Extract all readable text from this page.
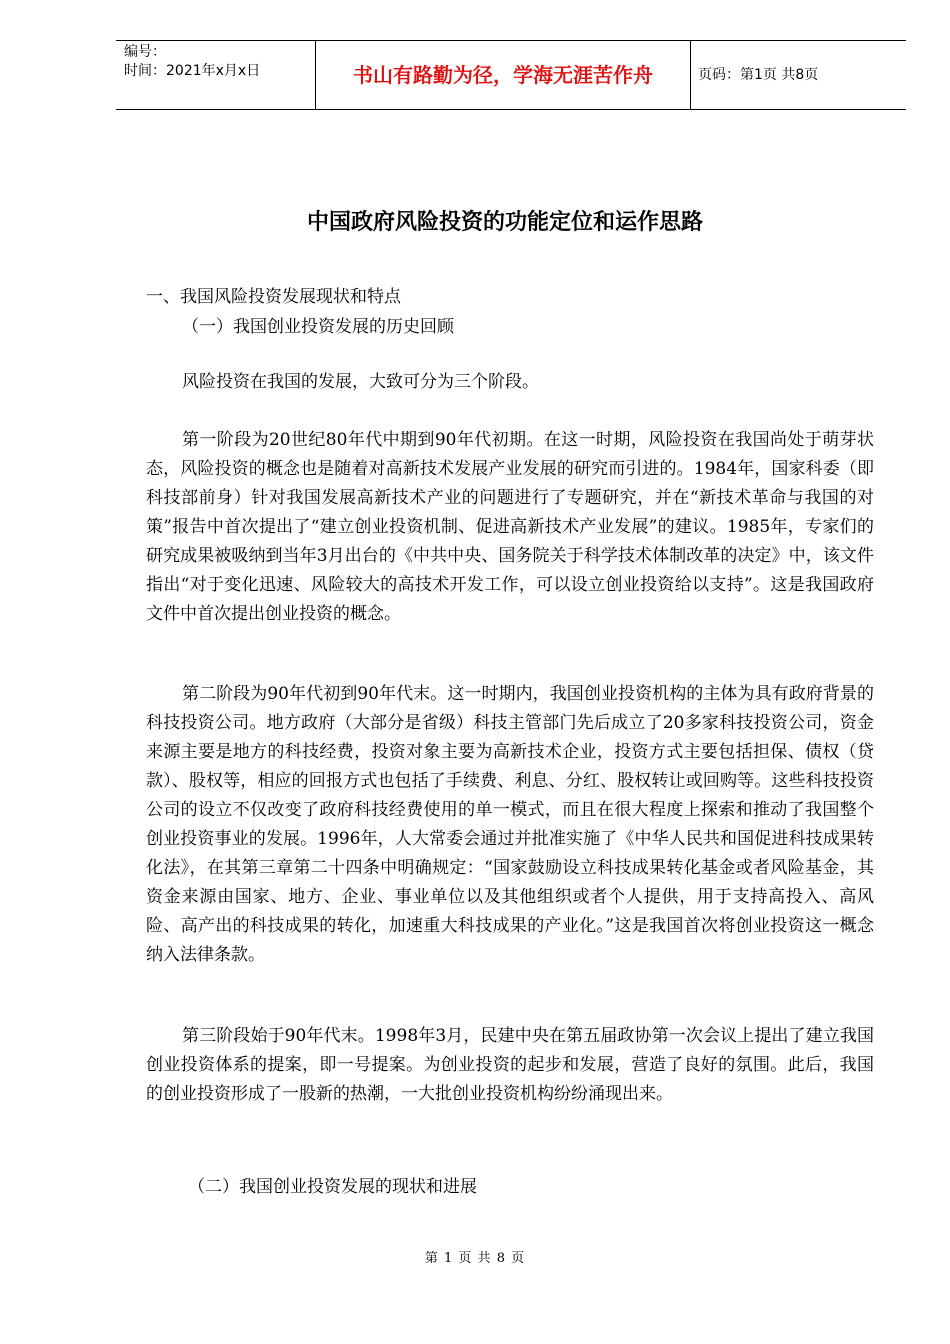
编号：
时间：2021年x月x日	书山有路勤为径，学海无涯苦作舟	页码：第1页 共8页
中国政府风险投资的功能定位和运作思路
一、我国风险投资发展现状和特点
（一）我国创业投资发展的历史回顾

风险投资在我国的发展，大致可分为三个阶段。

第一阶段为20世纪80年代中期到90年代初期。在这一时期，风险投资在我国尚处于萌芽状态，风险投资的概念也是随着对高新技术发展产业发展的研究而引进的。1984年，国家科委（即科技部前身）针对我国发展高新技术产业的问题进行了专题研究，并在“新技术革命与我国的对策”报告中首次提出了“建立创业投资机制、促进高新技术产业发展”的建议。1985年，专家们的研究成果被吸纳到当年3月出台的《中共中央、国务院关于科学技术体制改革的决定》中，该文件指出“对于变化迅速、风险较大的高技术开发工作，可以设立创业投资给以支持”。这是我国政府文件中首次提出创业投资的概念。

第二阶段为90年代初到90年代末。这一时期内，我国创业投资机构的主体为具有政府背景的科技投资公司。地方政府（大部分是省级）科技主管部门先后成立了20多家科技投资公司，资金来源主要是地方的科技经费，投资对象主要为高新技术企业，投资方式主要包括担保、债权（贷款）、股权等，相应的回报方式也包括了手续费、利息、分红、股权转让或回购等。这些科技投资公司的设立不仅改变了政府科技经费使用的单一模式，而且在很大程度上探索和推动了我国整个创业投资事业的发展。1996年，人大常委会通过并批准实施了《中华人民共和国促进科技成果转化法》，在其第三章第二十四条中明确规定：“国家鼓励设立科技成果转化基金或者风险基金，其资金来源由国家、地方、企业、事业单位以及其他组织或者个人提供，用于支持高投入、高风险、高产出的科技成果的转化，加速重大科技成果的产业化。”这是我国首次将创业投资这一概念纳入法律条款。

第三阶段始于90年代末。1998年3月，民建中央在第五届政协第一次会议上提出了建立我国创业投资体系的提案，即一号提案。为创业投资的起步和发展，营造了良好的氛围。此后，我国的创业投资形成了一股新的热潮，一大批创业投资机构纷纷涌现出来。

（二）我国创业投资发展的现状和进展
第 1 页 共 8 页
